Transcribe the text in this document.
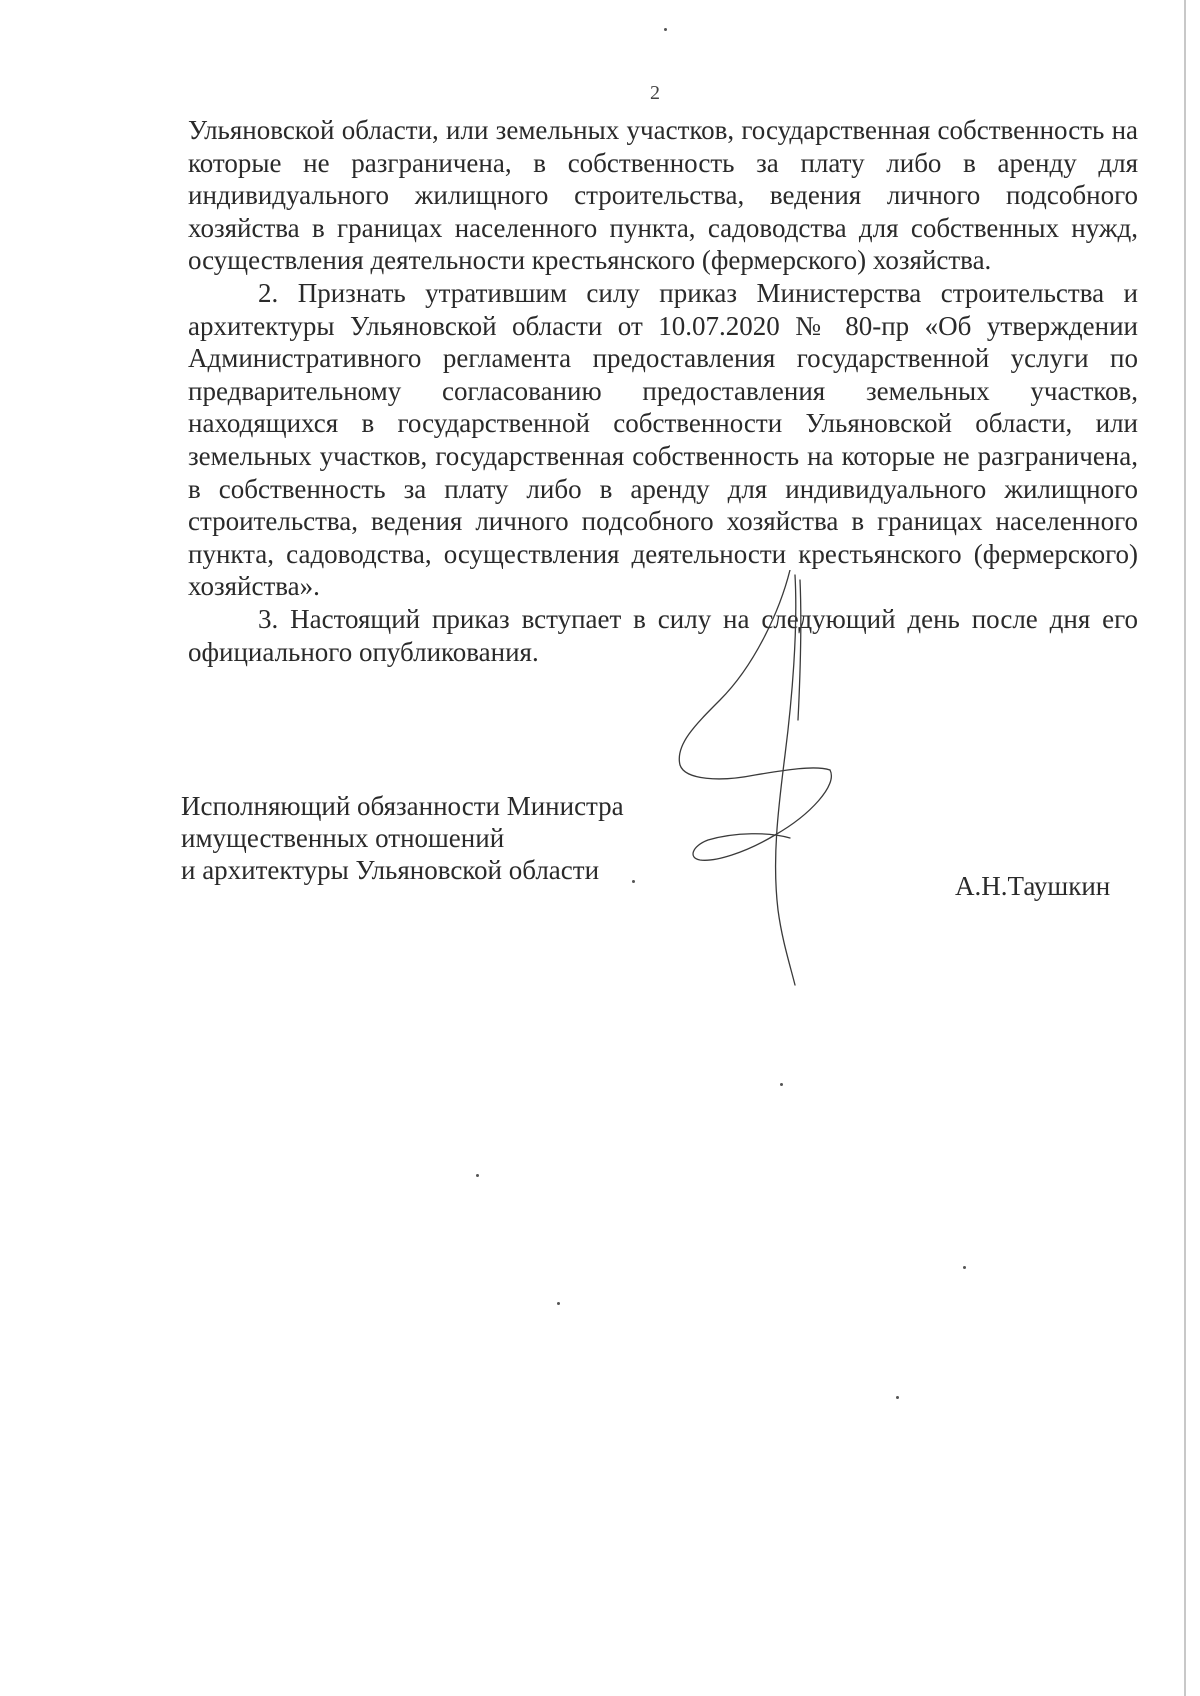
2

Ульяновской области, или земельных участков, государственная собственность на которые не разграничена, в собственность за плату либо в аренду для индивидуального жилищного строительства, ведения личного подсобного хозяйства в границах населенного пункта, садоводства для собственных нужд, осуществления деятельности крестьянского (фермерского) хозяйства.

2. Признать утратившим силу приказ Министерства строительства и архитектуры Ульяновской области от 10.07.2020 № 80-пр «Об утверждении Административного регламента предоставления государственной услуги по предварительному согласованию предоставления земельных участков, находящихся в государственной собственности Ульяновской области, или земельных участков, государственная собственность на которые не разграничена, в собственность за плату либо в аренду для индивидуального жилищного строительства, ведения личного подсобного хозяйства в границах населенного пункта, садоводства, осуществления деятельности крестьянского (фермерского) хозяйства».

3. Настоящий приказ вступает в силу на следующий день после дня его официального опубликования.

Исполняющий обязанности Министра
имущественных отношений
и архитектуры Ульяновской области
А.Н.Таушкин
